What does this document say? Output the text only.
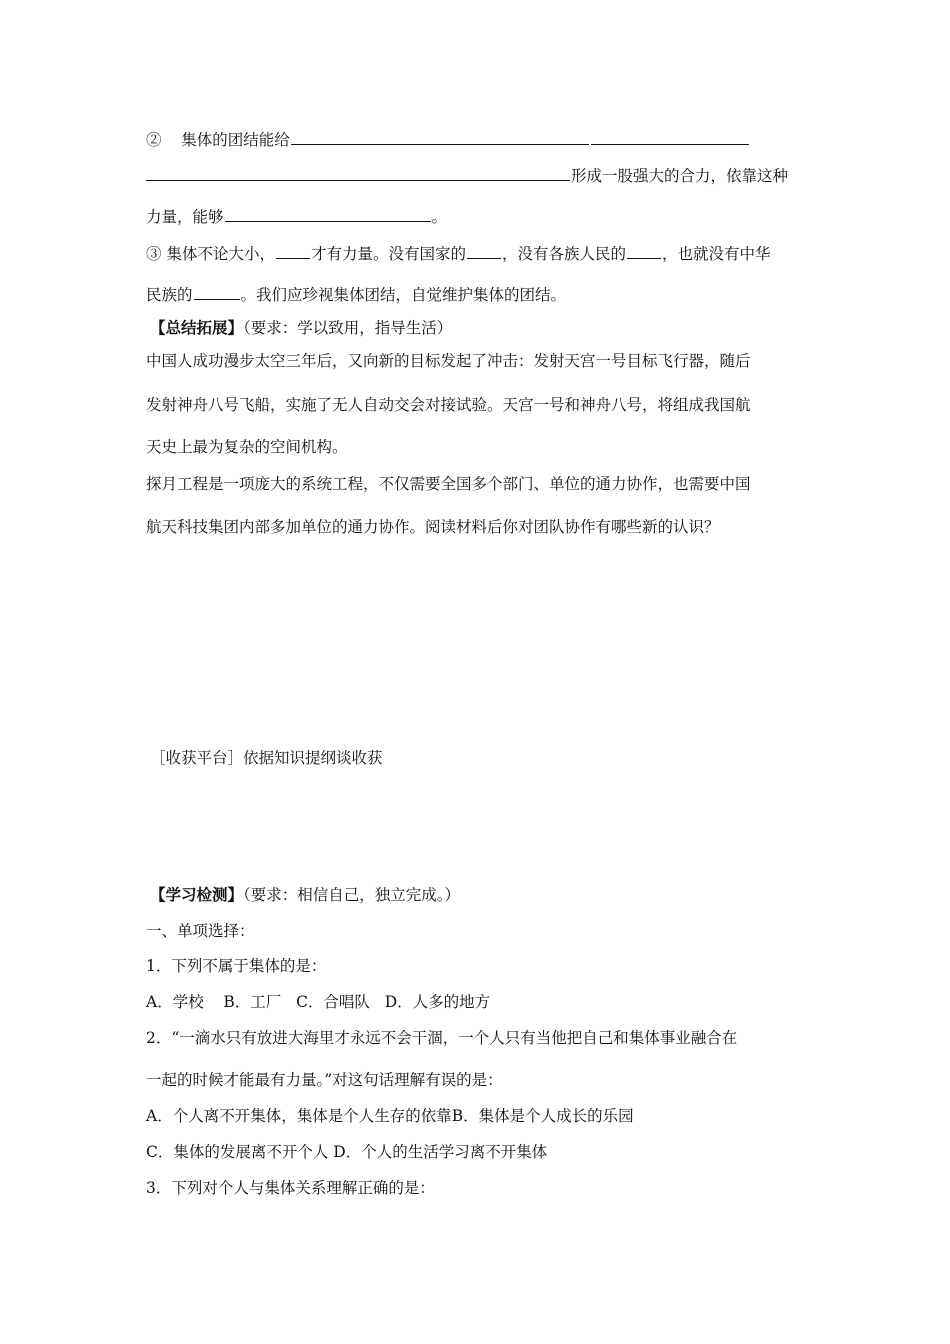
② 集体的团结能给
形成一股强大的合力，依靠这种
力量，能够	。
③ 集体不论大小， 才有力量。没有国家的 ，没有各族人民的 ，也就没有中华
民族的	。我们应珍视集体团结，自觉维护集体的团结。
【总结拓展】（要求：学以致用，指导生活）
中国人成功漫步太空三年后，又向新的目标发起了冲击：发射天宫一号目标飞行器，随后
发射神舟八号飞船，实施了无人自动交会对接试验。天宫一号和神舟八号，将组成我国航
天史上最为复杂的空间机构。
探月工程是一项庞大的系统工程，不仅需要全国多个部门、单位的通力协作，也需要中国
航天科技集团内部多加单位的通力协作。阅读材料后你对团队协作有哪些新的认识？
［收获平台］依据知识提纲谈收获
【学习检测】（要求：相信自己，独立完成。）
一、单项选择：
1．下列不属于集体的是：
A．学校    B．工厂   C．合唱队   D．人多的地方
2．“一滴水只有放进大海里才永远不会干涸，一个人只有当他把自己和集体事业融合在
一起的时候才能最有力量。”对这句话理解有误的是：
A．个人离不开集体，集体是个人生存的依靠B．集体是个人成长的乐园
C．集体的发展离不开个人 D．个人的生活学习离不开集体
3．下列对个人与集体关系理解正确的是：
